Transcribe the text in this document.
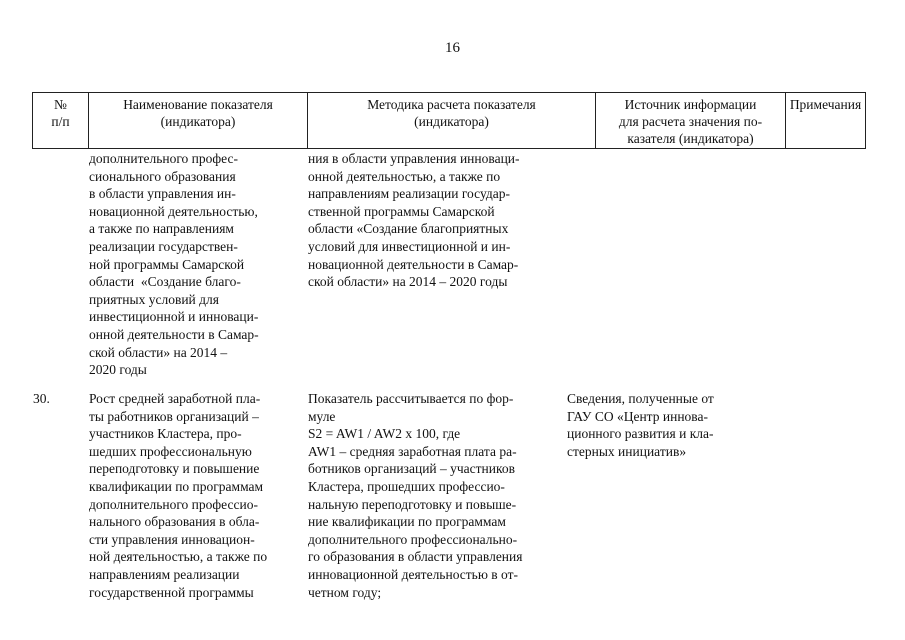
16
№
п/п
Наименование показателя
(индикатора)
Методика расчета показателя
(индикатора)
Источник информации
для расчета значения по-
казателя (индикатора)
Примечания
дополнительного профес-
сионального образования
в области управления ин-
новационной деятельностью,
а также по направлениям
реализации государствен-
ной программы Самарской
области  «Создание благо-
приятных условий для
инвестиционной и инноваци-
онной деятельности в Самар-
ской области» на 2014 –
2020 годы
ния в области управления инноваци-
онной деятельностью, а также по
направлениям реализации государ-
ственной программы Самарской
области «Создание благоприятных
условий для инвестиционной и ин-
новационной деятельности в Самар-
ской области» на 2014 – 2020 годы
30.	Рост средней заработной пла-
ты работников организаций –
участников Кластера, про-
шедших профессиональную
переподготовку и повышение
квалификации по программам
дополнительного профессио-
нального образования в обла-
сти управления инновацион-
ной деятельностью, а также по
направлениям реализации
государственной программы
Показатель рассчитывается по фор-
муле
S2 = AW1 / AW2 x 100, где
AW1 – средняя заработная плата ра-
ботников организаций – участников
Кластера, прошедших профессио-
нальную переподготовку и повыше-
ние квалификации по программам
дополнительного профессионально-
го образования в области управления
инновационной деятельностью в от-
четном году;
Сведения, полученные от
ГАУ СО «Центр иннова-
ционного развития и кла-
стерных инициатив»
